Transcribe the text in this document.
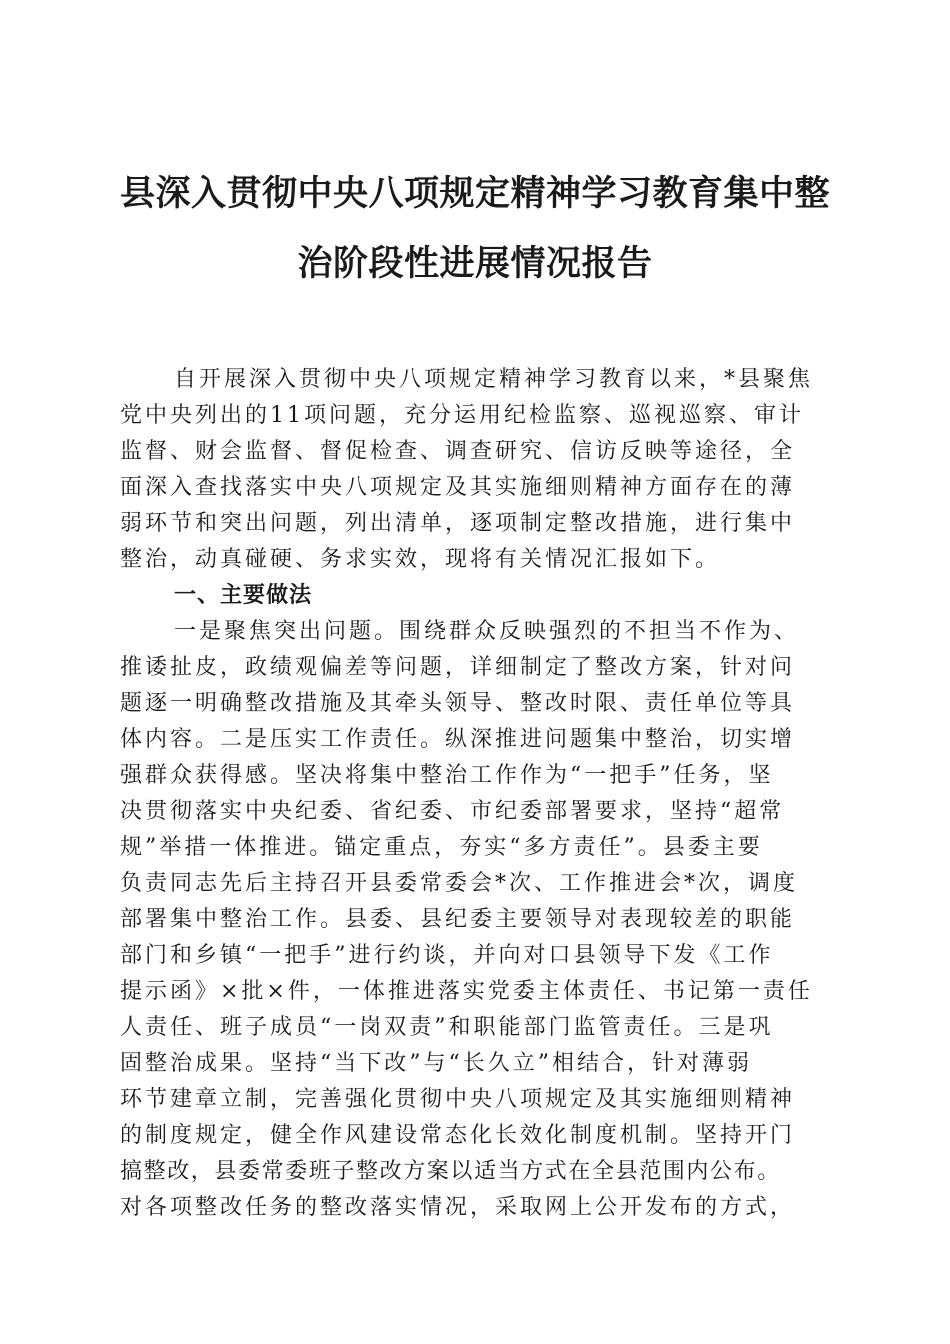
县深入贯彻中央八项规定精神学习教育集中整
治阶段性进展情况报告
自开展深入贯彻中央八项规定精神学习教育以来，*县聚焦
党中央列出的11项问题，充分运用纪检监察、巡视巡察、审计
监督、财会监督、督促检查、调查研究、信访反映等途径，全
面深入查找落实中央八项规定及其实施细则精神方面存在的薄
弱环节和突出问题，列出清单，逐项制定整改措施，进行集中
整治，动真碰硬、务求实效，现将有关情况汇报如下。
一、主要做法
一是聚焦突出问题。围绕群众反映强烈的不担当不作为、
推诿扯皮，政绩观偏差等问题，详细制定了整改方案，针对问
题逐一明确整改措施及其牵头领导、整改时限、责任单位等具
体内容。二是压实工作责任。纵深推进问题集中整治，切实增
强群众获得感。坚决将集中整治工作作为“一把手”任务，坚
决贯彻落实中央纪委、省纪委、市纪委部署要求，坚持“超常
规”举措一体推进。锚定重点，夯实“多方责任”。县委主要
负责同志先后主持召开县委常委会*次、工作推进会*次，调度
部署集中整治工作。县委、县纪委主要领导对表现较差的职能
部门和乡镇“一把手”进行约谈，并向对口县领导下发《工作
提示函》×批×件，一体推进落实党委主体责任、书记第一责任
人责任、班子成员“一岗双责”和职能部门监管责任。三是巩
固整治成果。坚持“当下改”与“长久立”相结合，针对薄弱
环节建章立制，完善强化贯彻中央八项规定及其实施细则精神
的制度规定，健全作风建设常态化长效化制度机制。坚持开门
搞整改，县委常委班子整改方案以适当方式在全县范围内公布。
对各项整改任务的整改落实情况，采取网上公开发布的方式，
